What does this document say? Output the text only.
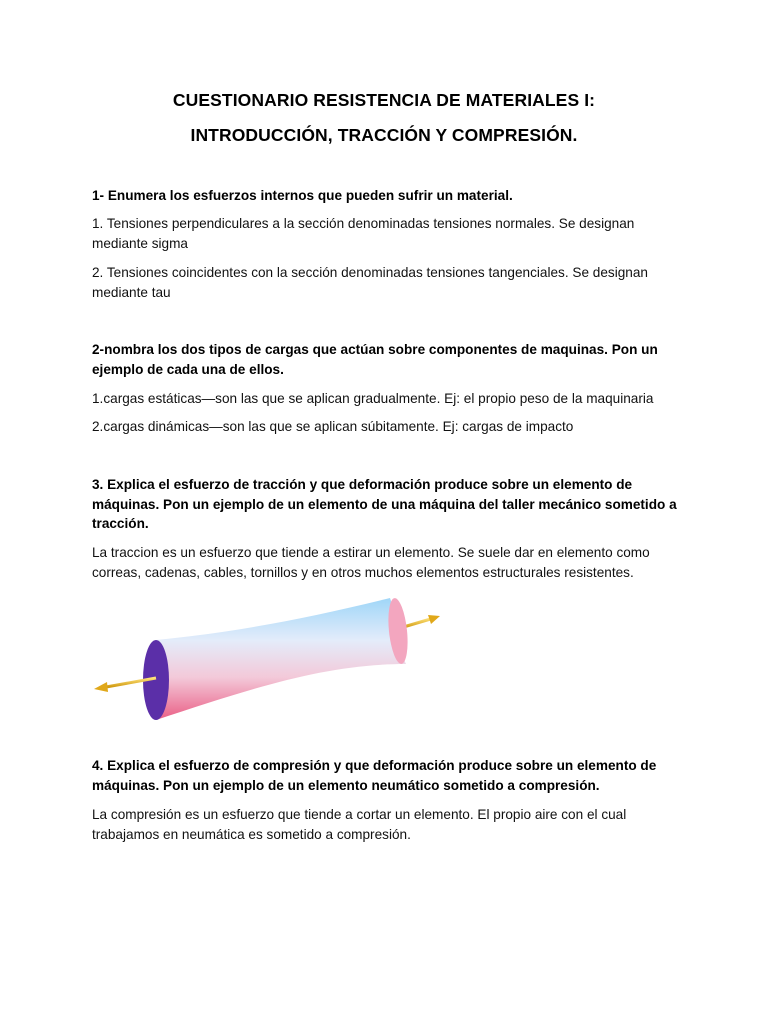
CUESTIONARIO RESISTENCIA DE MATERIALES I:
INTRODUCCIÓN, TRACCIÓN Y COMPRESIÓN.
1- Enumera los esfuerzos internos que pueden sufrir un material.
1. Tensiones perpendiculares a la sección denominadas tensiones normales. Se designan mediante sigma
2. Tensiones coincidentes con la sección denominadas tensiones tangenciales. Se designan mediante tau
2-nombra los dos tipos de cargas que actúan sobre componentes de maquinas. Pon un ejemplo de cada una de ellos.
1.cargas estáticas—son las que se aplican gradualmente. Ej: el propio peso de la maquinaria
2.cargas dinámicas—son las que se aplican súbitamente. Ej: cargas de impacto
3. Explica el esfuerzo de tracción y que deformación produce sobre un elemento de máquinas. Pon un ejemplo de un elemento de una máquina del taller mecánico sometido a tracción.
La traccion es un esfuerzo que tiende a estirar un elemento. Se suele dar en elemento como correas, cadenas, cables, tornillos y en otros muchos elementos estructurales resistentes.
4. Explica el esfuerzo de compresión y que deformación produce sobre un elemento de máquinas. Pon un ejemplo de un elemento neumático sometido a compresión.
La compresión es un esfuerzo que tiende a cortar un elemento. El propio aire con el cual trabajamos en neumática es sometido a compresión.
